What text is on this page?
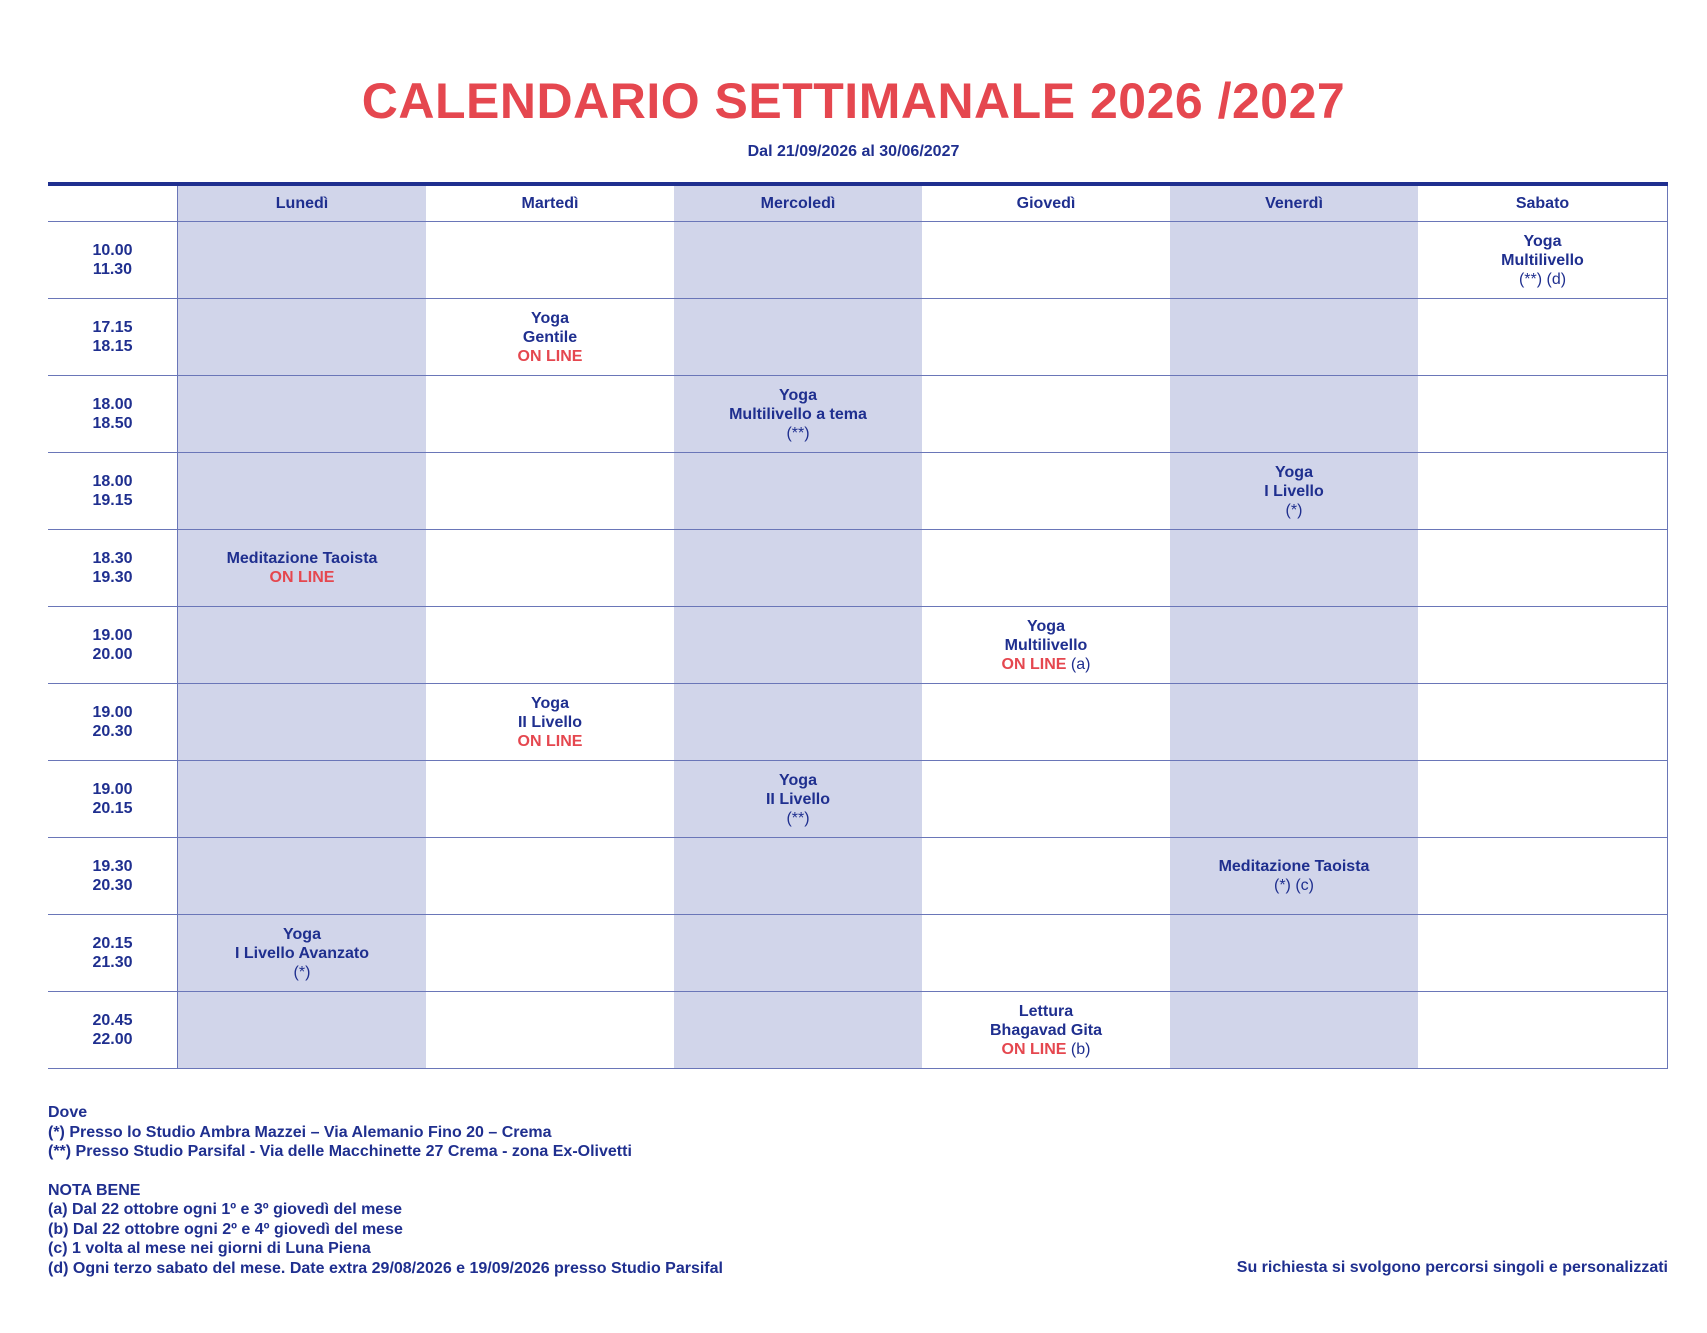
CALENDARIO SETTIMANALE 2026 /2027
Dal 21/09/2026 al 30/06/2027
	Lunedì	Martedì	Mercoledì	Giovedì	Venerdì	Sabato

10.00
11.30						Yoga
Multilivello
(**) (d)

17.15
18.15		Yoga
Gentile
ON LINE				

18.00
18.50			Yoga
Multilivello a tema
(**)			

18.00
19.15					Yoga
I Livello
(*)	

18.30
19.30	Meditazione Taoista
ON LINE					

19.00
20.00				Yoga
Multilivello
ON LINE (a)		

19.00
20.30		Yoga
II Livello
ON LINE				

19.00
20.15			Yoga
II Livello
(**)			

19.30
20.30					Meditazione Taoista
(*) (c)	

20.15
21.30	Yoga
I Livello Avanzato
(*)					

20.45
22.00				Lettura
Bhagavad Gita
ON LINE (b)		

Dove
(*) Presso lo Studio Ambra Mazzei – Via Alemanio Fino 20 – Crema
(**) Presso Studio Parsifal - Via delle Macchinette 27 Crema - zona Ex-Olivetti
NOTA BENE
(a) Dal 22 ottobre ogni 1º e 3º giovedì del mese
(b) Dal 22 ottobre ogni 2º e 4º giovedì del mese
(c) 1 volta al mese nei giorni di Luna Piena
(d) Ogni terzo sabato del mese. Date extra 29/08/2026 e 19/09/2026 presso Studio Parsifal	Su richiesta si svolgono percorsi singoli e personalizzati
